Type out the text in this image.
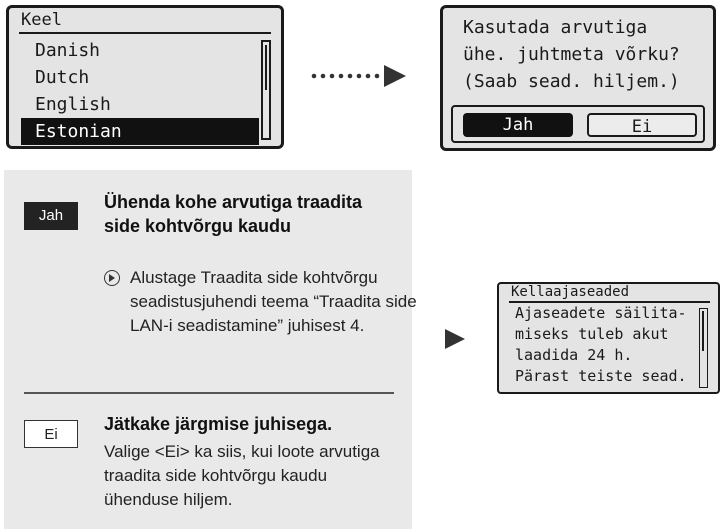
Keel
Danish
Dutch
English
Estonian
Kasutada arvutiga
ühe. juhtmeta võrku?
(Saab sead. hiljem.)
Jah	Ei
Jah
Ühenda kohe arvutiga traadita side kohtvõrgu kaudu
Alustage Traadita side kohtvõrgu seadistusjuhendi teema “Traadita side LAN-i seadistamine” juhisest 4.
Ei
Jätkake järgmise juhisega.
Valige <Ei> ka siis, kui loote arvutiga traadita side kohtvõrgu kaudu ühenduse hiljem.
Kellaajaseaded
Ajaseadete säilita-
miseks tuleb akut
laadida 24 h.
Pärast teiste sead.
